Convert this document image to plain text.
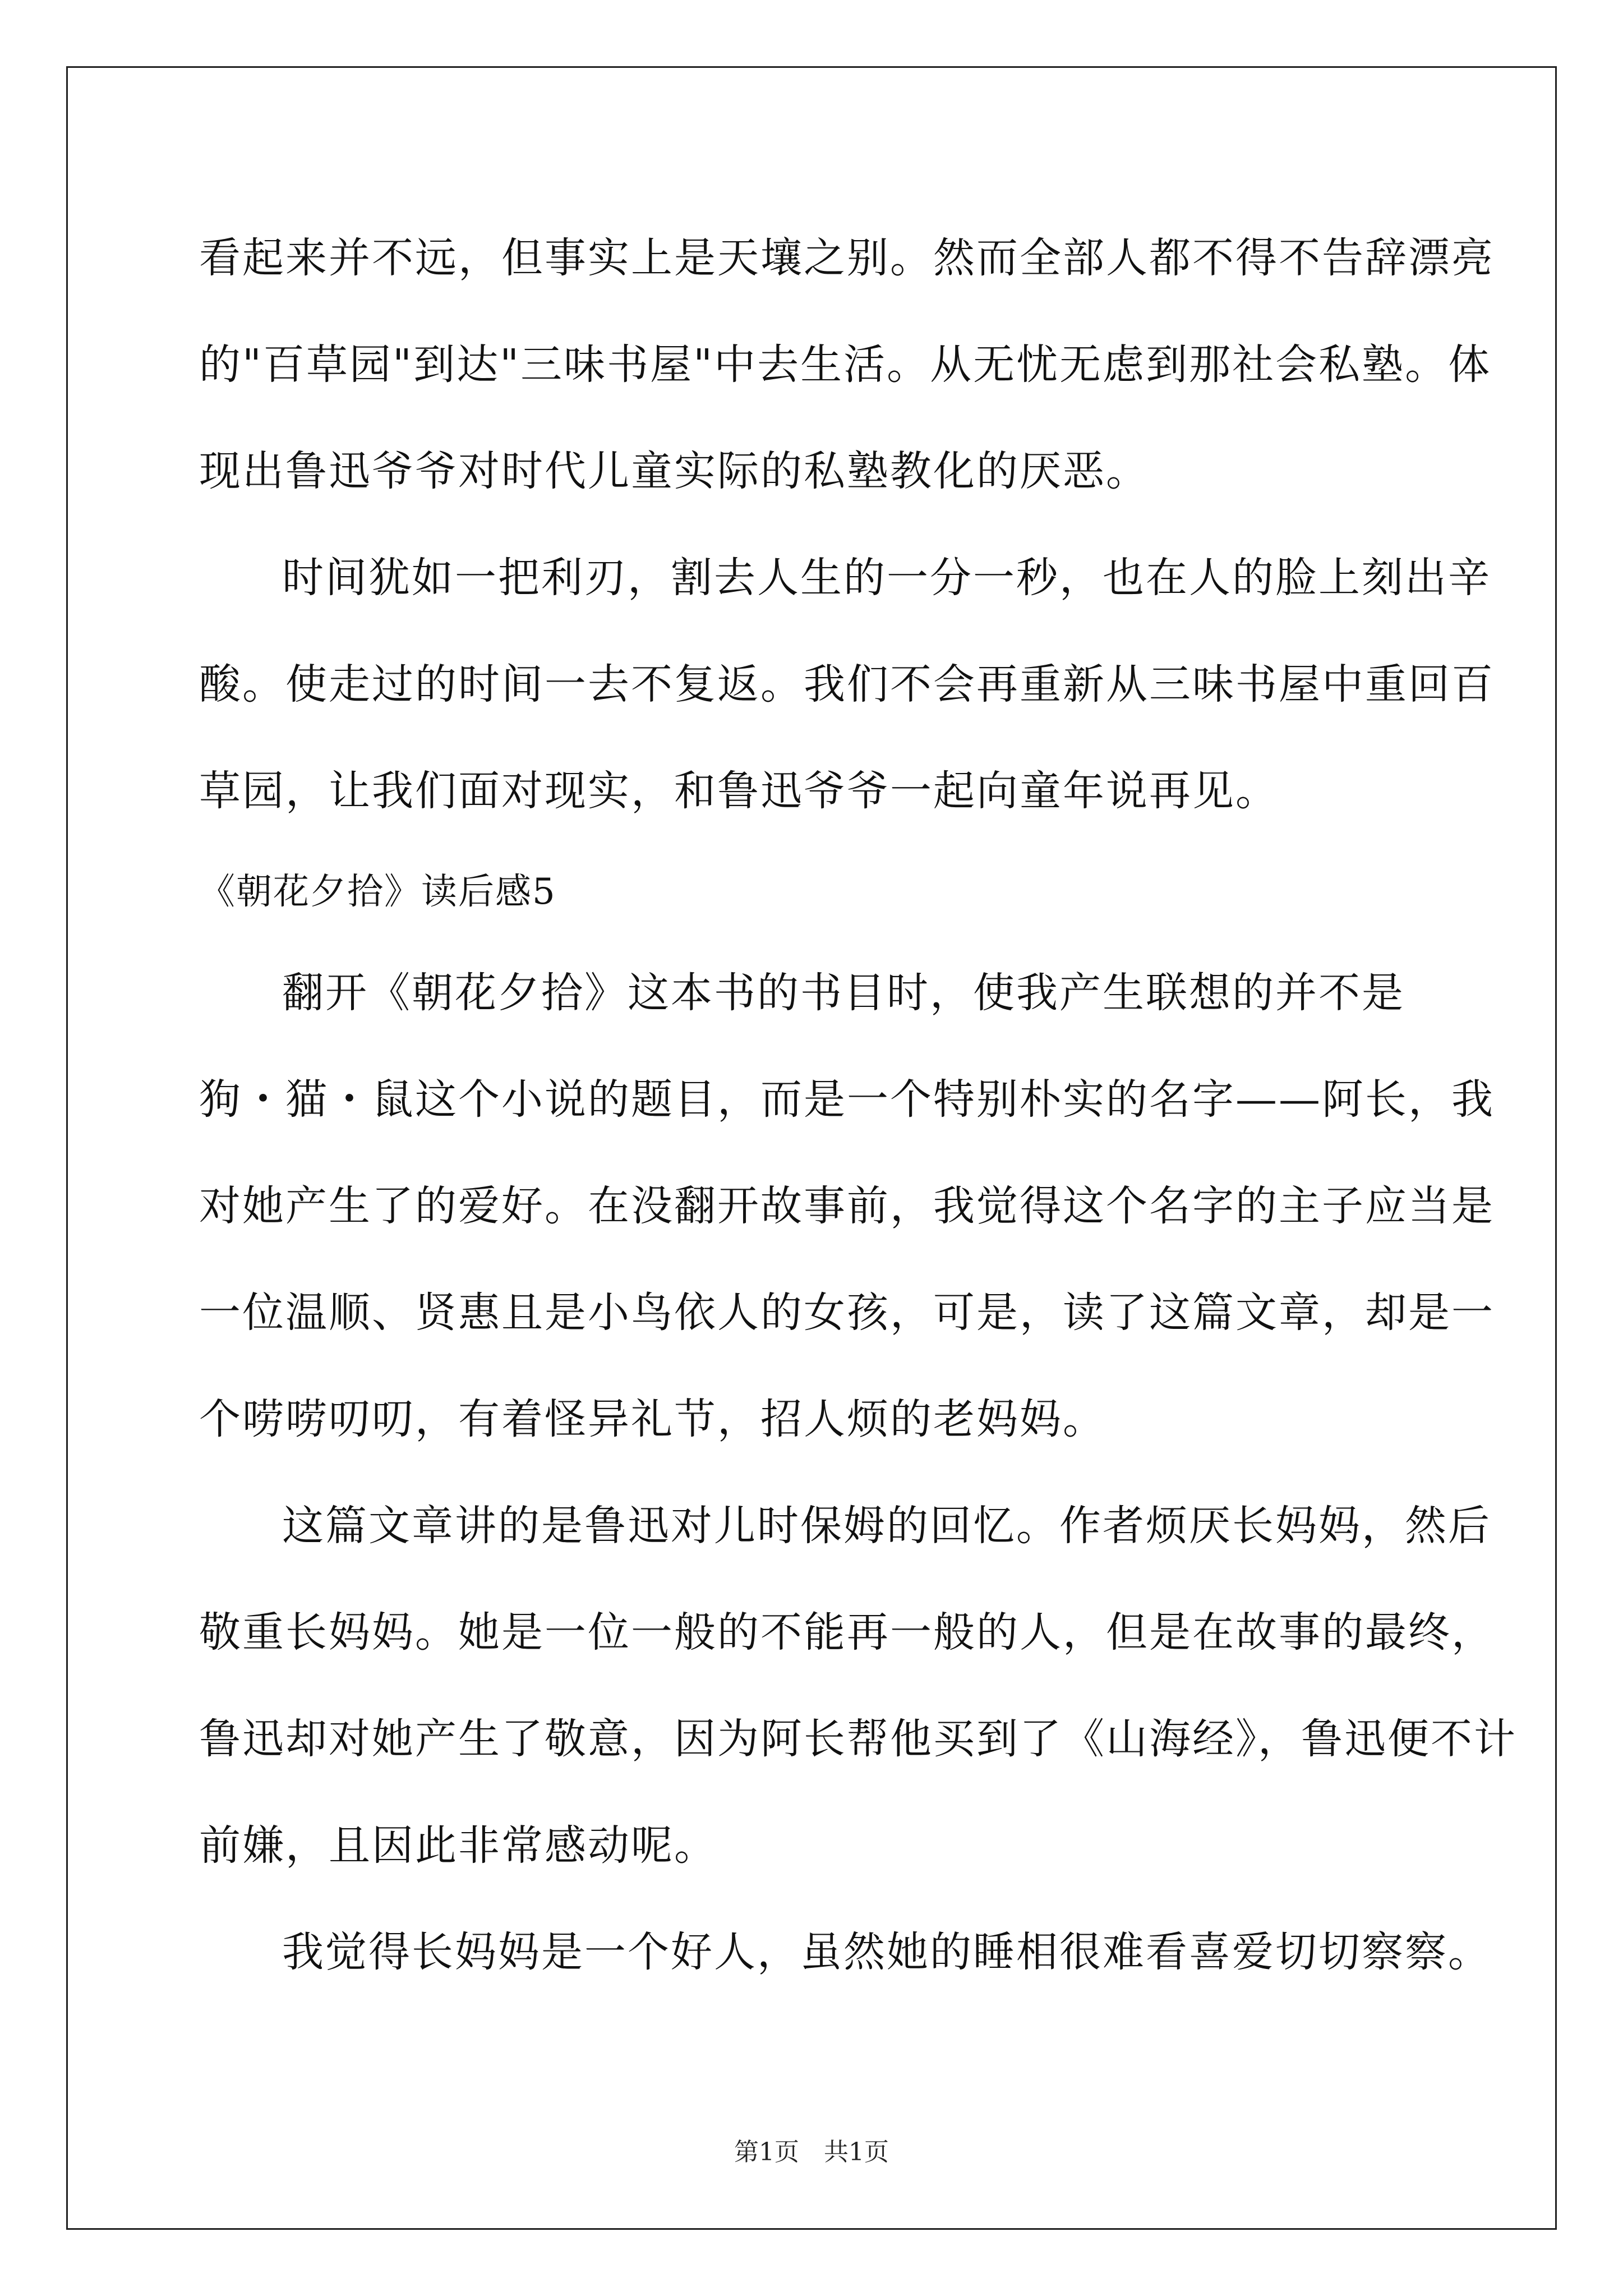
看起来并不远，但事实上是天壤之别。然而全部人都不得不告辞漂亮
的"百草园"到达"三味书屋"中去生活。从无忧无虑到那社会私塾。体
现出鲁迅爷爷对时代儿童实际的私塾教化的厌恶。
时间犹如一把利刃，割去人生的一分一秒，也在人的脸上刻出辛
酸。使走过的时间一去不复返。我们不会再重新从三味书屋中重回百
草园，让我们面对现实，和鲁迅爷爷一起向童年说再见。
《朝花夕拾》读后感5
翻开《朝花夕拾》这本书的书目时，使我产生联想的并不是
狗・猫・鼠这个小说的题目，而是一个特别朴实的名字——阿长，我
对她产生了的爱好。在没翻开故事前，我觉得这个名字的主子应当是
一位温顺、贤惠且是小鸟依人的女孩，可是，读了这篇文章，却是一
个唠唠叨叨，有着怪异礼节，招人烦的老妈妈。
这篇文章讲的是鲁迅对儿时保姆的回忆。作者烦厌长妈妈，然后
敬重长妈妈。她是一位一般的不能再一般的人，但是在故事的最终，
鲁迅却对她产生了敬意，因为阿长帮他买到了《山海经》，鲁迅便不计
前嫌，且因此非常感动呢。
我觉得长妈妈是一个好人，虽然她的睡相很难看喜爱切切察察。
第1页　共1页
